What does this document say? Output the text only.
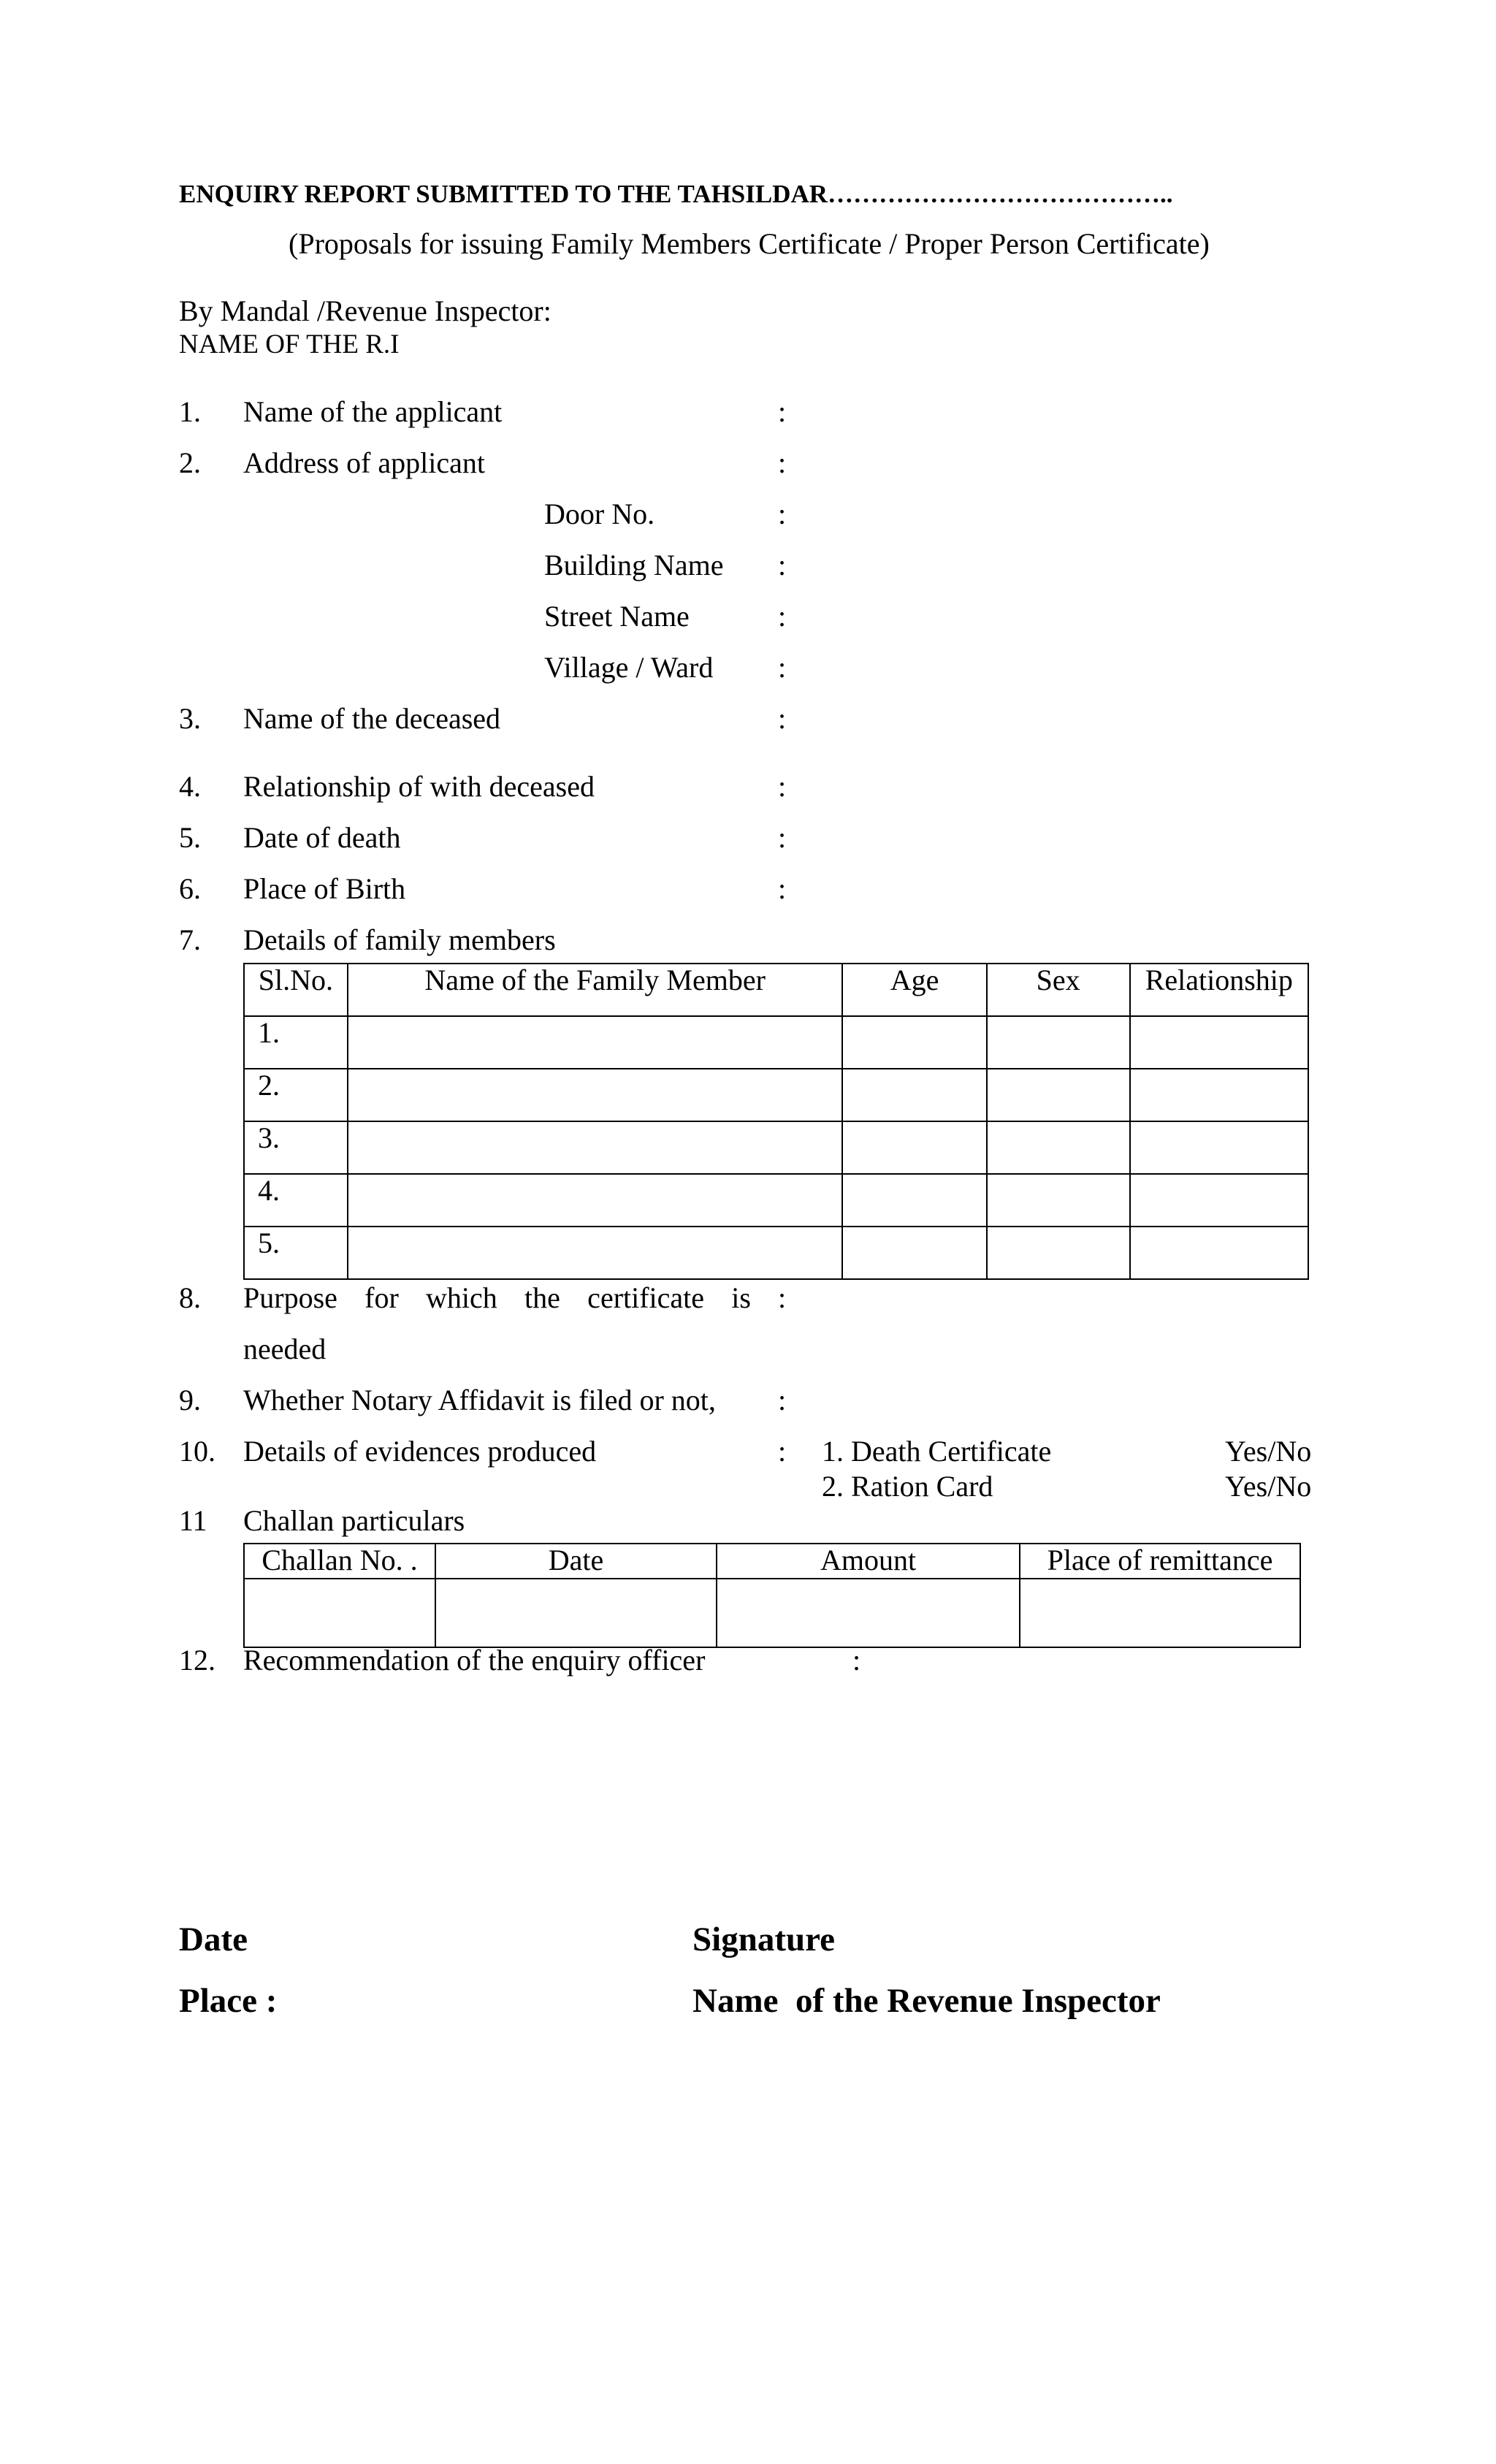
ENQUIRY REPORT SUBMITTED TO THE TAHSILDAR…………………………………..
(Proposals for issuing Family Members Certificate / Proper Person Certificate)
By Mandal /Revenue Inspector:
NAME OF THE R.I
1. Name of the applicant	:
2. Address of applicant	:
Door No.	:
Building Name :
Street Name	:
Village / Ward :
3. Name of the deceased	:
4. Relationship of with deceased	:
5. Date of death	:
6. Place of Birth	:
7. Details of family members
Sl.No.	Name of the Family Member	Age	Sex	Relationship
1.				
2.				
3.				
4.				
5.				
8. Purpose for which the certificate is :
needed
9. Whether Notary Affidavit is filed or not, :
10. Details of evidences produced	: 1. Death Certificate	Yes/No
2. Ration Card	Yes/No
11 Challan particulars
Challan No. .	Date	Amount	Place of remittance

12. Recommendation of the enquiry officer	:
Date	Signature
Place :	Name  of the Revenue Inspector
